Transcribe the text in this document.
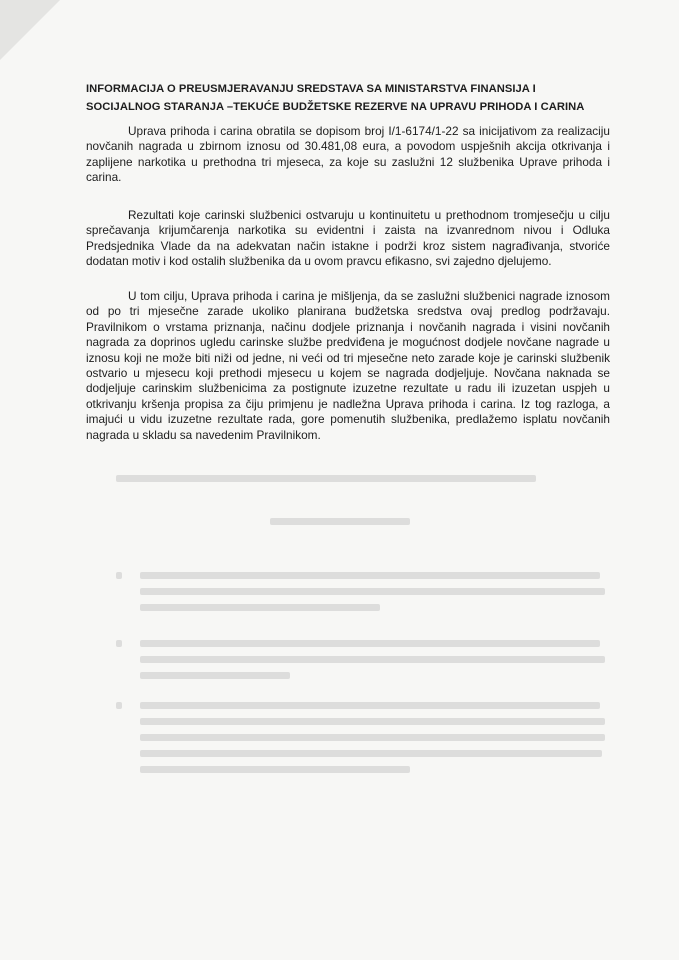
INFORMACIJA O PREUSMJERAVANJU SREDSTAVA SA MINISTARSTVA FINANSIJA I SOCIJALNOG STARANJA –TEKUĆE BUDŽETSKE REZERVE NA UPRAVU PRIHODA I CARINA

Uprava prihoda i carina obratila se dopisom broj I/1-6174/1-22 sa inicijativom za realizaciju novčanih nagrada u zbirnom iznosu od 30.481,08 eura, a povodom uspješnih akcija otkrivanja i zaplijene narkotika u prethodna tri mjeseca, za koje su zaslužni 12 službenika Uprave prihoda i carina.

Rezultati koje carinski službenici ostvaruju u kontinuitetu u prethodnom tromjesečju u cilju sprečavanja krijumčarenja narkotika su evidentni i zaista na izvanrednom nivou i Odluka Predsjednika Vlade da na adekvatan način istakne i podrži kroz sistem nagrađivanja, stvoriće dodatan motiv i kod ostalih službenika da u ovom pravcu efikasno, svi zajedno djelujemo.

U tom cilju, Uprava prihoda i carina je mišljenja, da se zaslužni službenici nagrade iznosom od po tri mjesečne zarade ukoliko planirana budžetska sredstva ovaj predlog podržavaju. Pravilnikom o vrstama priznanja, načinu dodjele priznanja i novčanih nagrada i visini novčanih nagrada za doprinos ugledu carinske službe predviđena je mogućnost dodjele novčane nagrade u iznosu koji ne može biti niži od jedne, ni veći od tri mjesečne neto zarade koje je carinski službenik ostvario u mjesecu koji prethodi mjesecu u kojem se nagrada dodjeljuje. Novčana naknada se dodjeljuje carinskim službenicima za postignute izuzetne rezultate u radu ili izuzetan uspjeh u otkrivanju kršenja propisa za čiju primjenu je nadležna Uprava prihoda i carina. Iz tog razloga, a imajući u vidu izuzetne rezultate rada, gore pomenutih službenika, predlažemo isplatu novčanih nagrada u skladu sa navedenim Pravilnikom.
